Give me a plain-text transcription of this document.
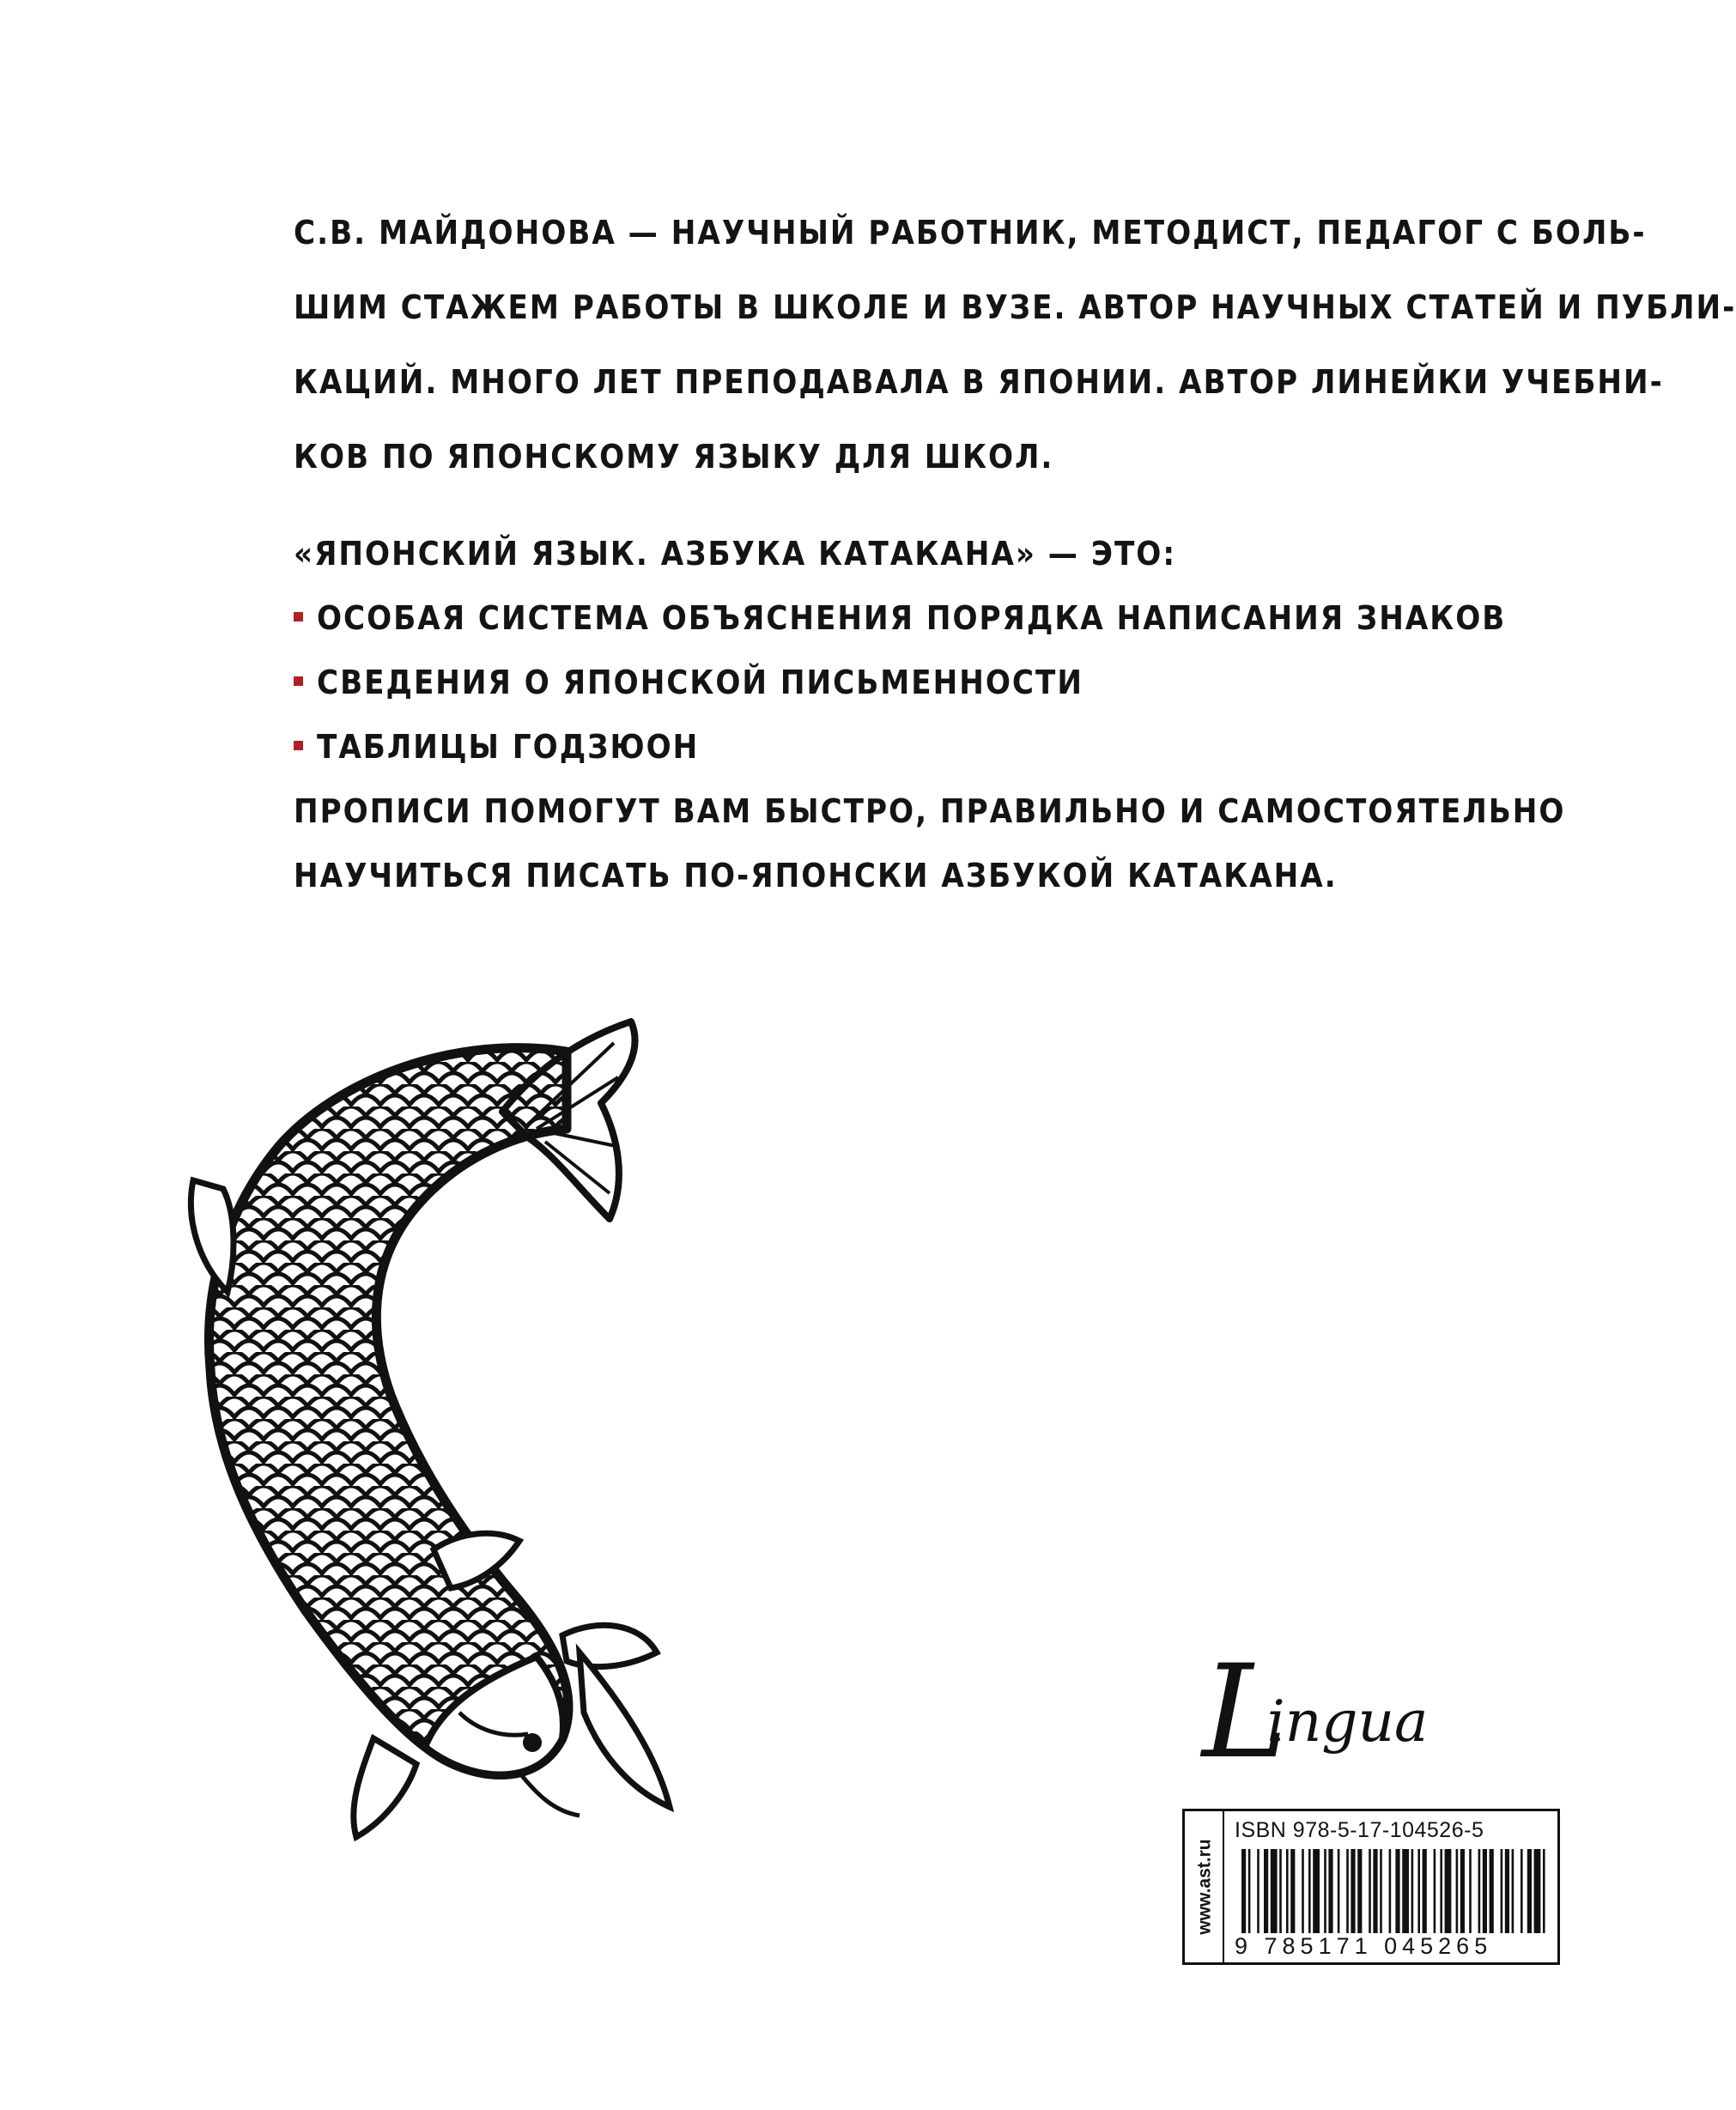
С.В. МАЙДОНОВА — НАУЧНЫЙ РАБОТНИК, МЕТОДИСТ, ПЕДАГОГ С БОЛЬ-
ШИМ СТАЖЕМ РАБОТЫ В ШКОЛЕ И ВУЗЕ. АВТОР НАУЧНЫХ СТАТЕЙ И ПУБЛИ-
КАЦИЙ. МНОГО ЛЕТ ПРЕПОДАВАЛА В ЯПОНИИ. АВТОР ЛИНЕЙКИ УЧЕБНИ-
КОВ ПО ЯПОНСКОМУ ЯЗЫКУ ДЛЯ ШКОЛ.
«ЯПОНСКИЙ ЯЗЫК. АЗБУКА КАТАКАНА» — ЭТО:
ОСОБАЯ СИСТЕМА ОБЪЯСНЕНИЯ ПОРЯДКА НАПИСАНИЯ ЗНАКОВ
СВЕДЕНИЯ О ЯПОНСКОЙ ПИСЬМЕННОСТИ
ТАБЛИЦЫ ГОДЗЮОН
ПРОПИСИ ПОМОГУТ ВАМ БЫСТРО, ПРАВИЛЬНО И САМОСТОЯТЕЛЬНО
НАУЧИТЬСЯ ПИСАТЬ ПО-ЯПОНСКИ АЗБУКОЙ КАТАКАНА.
Lingua
www.ast.ru
ISBN 978-5-17-104526-5
9 785171 045265
